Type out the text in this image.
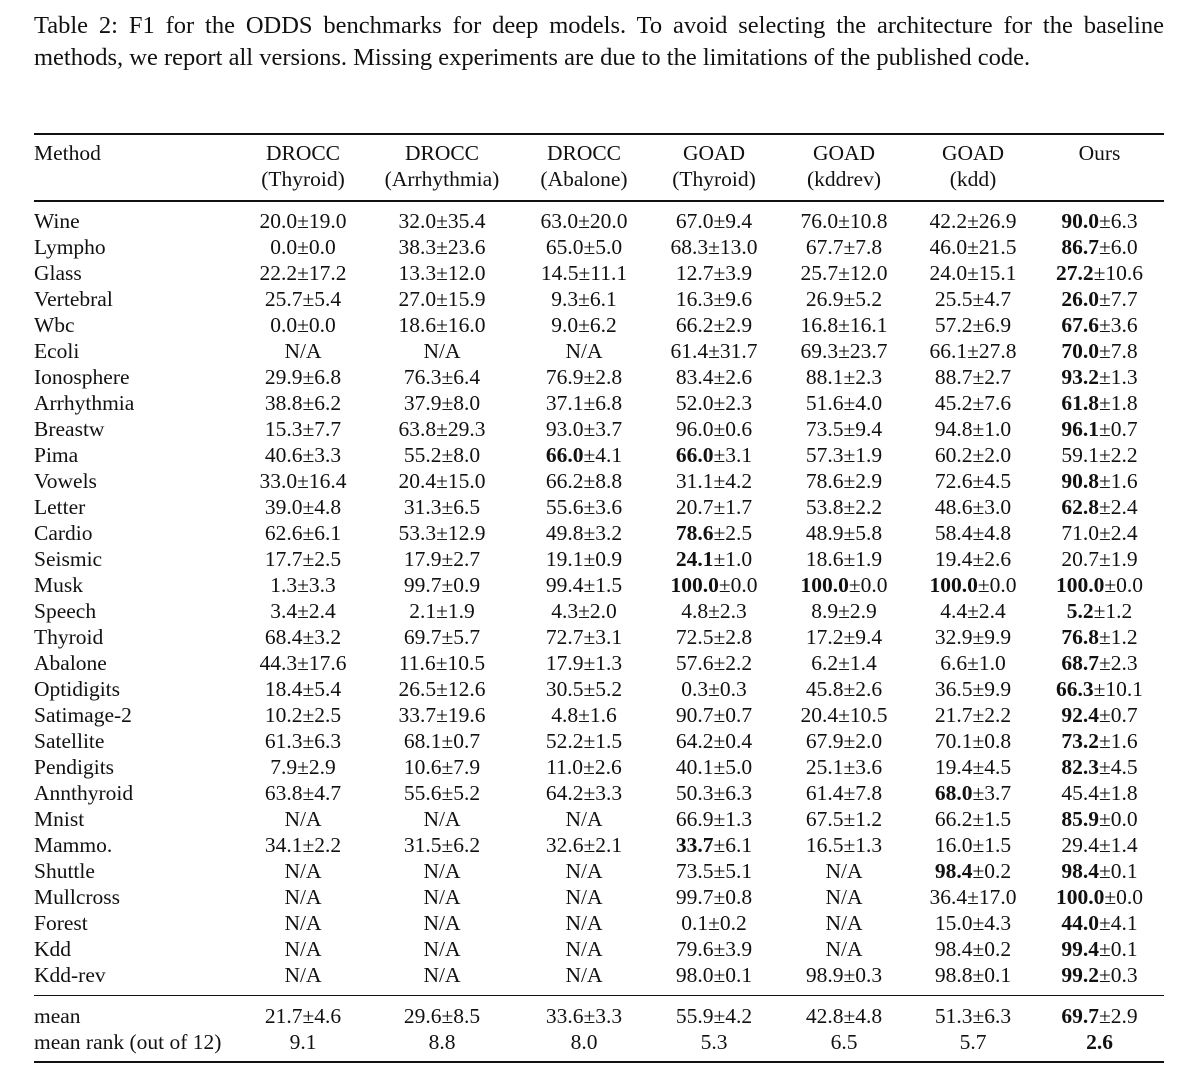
Table 2: F1 for the ODDS benchmarks for deep models. To avoid selecting the architecture for the baseline methods, we report all versions. Missing experiments are due to the limitations of the published code.
Method	DROCC	DROCC	DROCC	GOAD	GOAD	GOAD	Ours
	(Thyroid)	(Arrhythmia)	(Abalone)	(Thyroid)	(kddrev)	(kdd)	
Wine	20.0±19.0	32.0±35.4	63.0±20.0	67.0±9.4	76.0±10.8	42.2±26.9	90.0±6.3
Lympho	0.0±0.0	38.3±23.6	65.0±5.0	68.3±13.0	67.7±7.8	46.0±21.5	86.7±6.0
Glass	22.2±17.2	13.3±12.0	14.5±11.1	12.7±3.9	25.7±12.0	24.0±15.1	27.2±10.6
Vertebral	25.7±5.4	27.0±15.9	9.3±6.1	16.3±9.6	26.9±5.2	25.5±4.7	26.0±7.7
Wbc	0.0±0.0	18.6±16.0	9.0±6.2	66.2±2.9	16.8±16.1	57.2±6.9	67.6±3.6
Ecoli	N/A	N/A	N/A	61.4±31.7	69.3±23.7	66.1±27.8	70.0±7.8
Ionosphere	29.9±6.8	76.3±6.4	76.9±2.8	83.4±2.6	88.1±2.3	88.7±2.7	93.2±1.3
Arrhythmia	38.8±6.2	37.9±8.0	37.1±6.8	52.0±2.3	51.6±4.0	45.2±7.6	61.8±1.8
Breastw	15.3±7.7	63.8±29.3	93.0±3.7	96.0±0.6	73.5±9.4	94.8±1.0	96.1±0.7
Pima	40.6±3.3	55.2±8.0	66.0±4.1	66.0±3.1	57.3±1.9	60.2±2.0	59.1±2.2
Vowels	33.0±16.4	20.4±15.0	66.2±8.8	31.1±4.2	78.6±2.9	72.6±4.5	90.8±1.6
Letter	39.0±4.8	31.3±6.5	55.6±3.6	20.7±1.7	53.8±2.2	48.6±3.0	62.8±2.4
Cardio	62.6±6.1	53.3±12.9	49.8±3.2	78.6±2.5	48.9±5.8	58.4±4.8	71.0±2.4
Seismic	17.7±2.5	17.9±2.7	19.1±0.9	24.1±1.0	18.6±1.9	19.4±2.6	20.7±1.9
Musk	1.3±3.3	99.7±0.9	99.4±1.5	100.0±0.0	100.0±0.0	100.0±0.0	100.0±0.0
Speech	3.4±2.4	2.1±1.9	4.3±2.0	4.8±2.3	8.9±2.9	4.4±2.4	5.2±1.2
Thyroid	68.4±3.2	69.7±5.7	72.7±3.1	72.5±2.8	17.2±9.4	32.9±9.9	76.8±1.2
Abalone	44.3±17.6	11.6±10.5	17.9±1.3	57.6±2.2	6.2±1.4	6.6±1.0	68.7±2.3
Optidigits	18.4±5.4	26.5±12.6	30.5±5.2	0.3±0.3	45.8±2.6	36.5±9.9	66.3±10.1
Satimage-2	10.2±2.5	33.7±19.6	4.8±1.6	90.7±0.7	20.4±10.5	21.7±2.2	92.4±0.7
Satellite	61.3±6.3	68.1±0.7	52.2±1.5	64.2±0.4	67.9±2.0	70.1±0.8	73.2±1.6
Pendigits	7.9±2.9	10.6±7.9	11.0±2.6	40.1±5.0	25.1±3.6	19.4±4.5	82.3±4.5
Annthyroid	63.8±4.7	55.6±5.2	64.2±3.3	50.3±6.3	61.4±7.8	68.0±3.7	45.4±1.8
Mnist	N/A	N/A	N/A	66.9±1.3	67.5±1.2	66.2±1.5	85.9±0.0
Mammo.	34.1±2.2	31.5±6.2	32.6±2.1	33.7±6.1	16.5±1.3	16.0±1.5	29.4±1.4
Shuttle	N/A	N/A	N/A	73.5±5.1	N/A	98.4±0.2	98.4±0.1
Mullcross	N/A	N/A	N/A	99.7±0.8	N/A	36.4±17.0	100.0±0.0
Forest	N/A	N/A	N/A	0.1±0.2	N/A	15.0±4.3	44.0±4.1
Kdd	N/A	N/A	N/A	79.6±3.9	N/A	98.4±0.2	99.4±0.1
Kdd-rev	N/A	N/A	N/A	98.0±0.1	98.9±0.3	98.8±0.1	99.2±0.3
mean	21.7±4.6	29.6±8.5	33.6±3.3	55.9±4.2	42.8±4.8	51.3±6.3	69.7±2.9
mean rank (out of 12)	9.1	8.8	8.0	5.3	6.5	5.7	2.6
